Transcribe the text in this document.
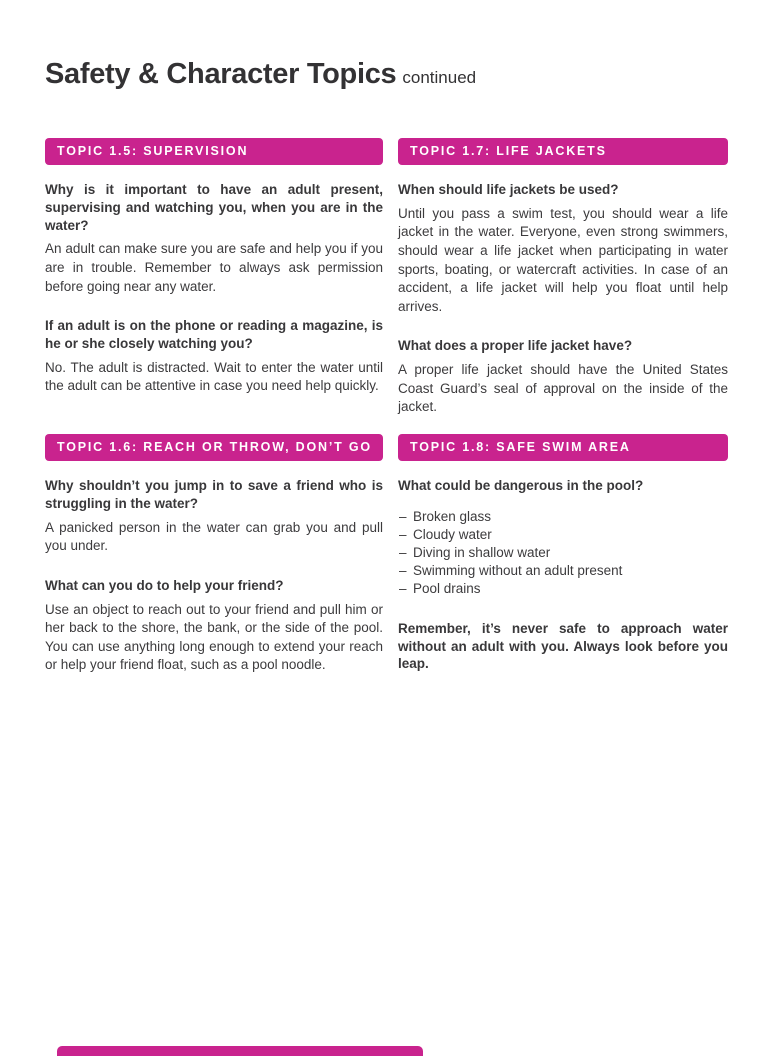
Safety & Character Topics continued
TOPIC 1.5: SUPERVISION

Why is it important to have an adult present, supervising and watching you, when you are in the water?

An adult can make sure you are safe and help you if you are in trouble. Remember to always ask permission before going near any water.

If an adult is on the phone or reading a magazine, is he or she closely watching you?

No. The adult is distracted. Wait to enter the water until the adult can be attentive in case you need help quickly.

TOPIC 1.7: LIFE JACKETS

When should life jackets be used?

Until you pass a swim test, you should wear a life jacket in the water. Everyone, even strong swimmers, should wear a life jacket when participating in water sports, boating, or watercraft activities. In case of an accident, a life jacket will help you float until help arrives.

What does a proper life jacket have?

A proper life jacket should have the United States Coast Guard’s seal of approval on the inside of the jacket.

TOPIC 1.6: REACH OR THROW, DON’T GO

Why shouldn’t you jump in to save a friend who is struggling in the water?

A panicked person in the water can grab you and pull you under.

What can you do to help your friend?

Use an object to reach out to your friend and pull him or her back to the shore, the bank, or the side of the pool. You can use anything long enough to extend your reach or help your friend float, such as a pool noodle.

TOPIC 1.8: SAFE SWIM AREA

What could be dangerous in the pool?

– Broken glass
– Cloudy water
– Diving in shallow water
– Swimming without an adult present
– Pool drains

Remember, it’s never safe to approach water without an adult with you. Always look before you leap.
